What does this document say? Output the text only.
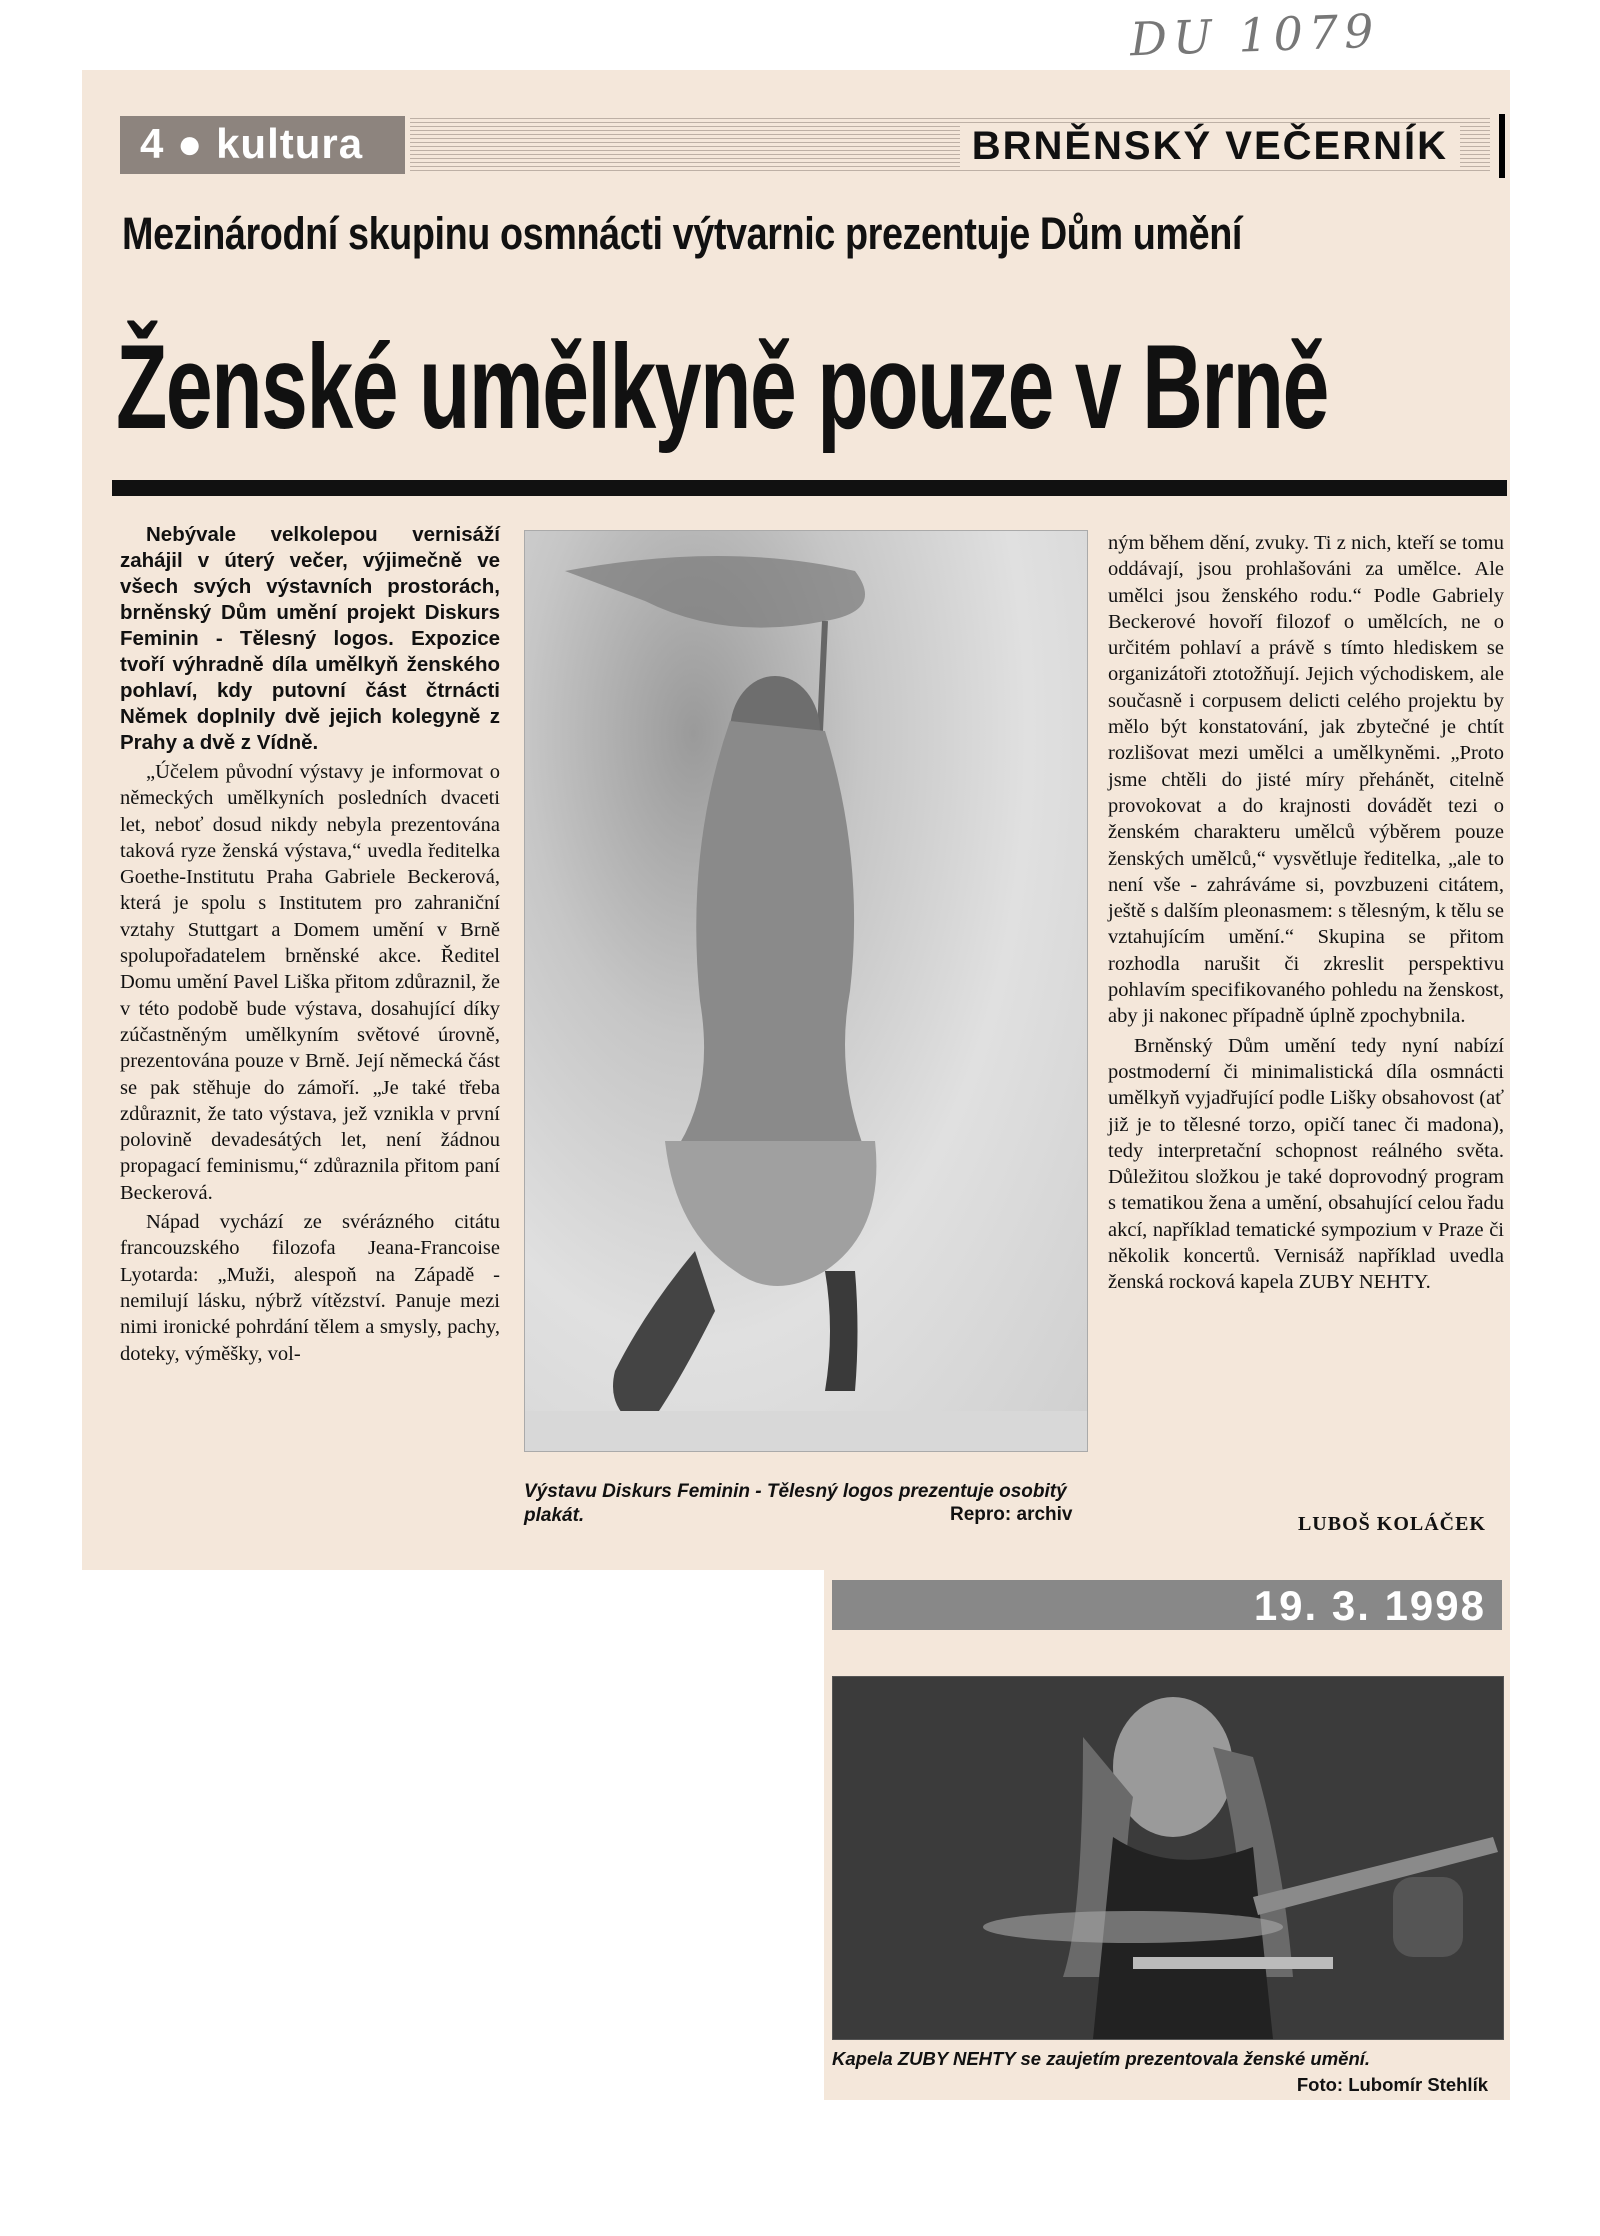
DU 1079
4 ● kultura	BRNĚNSKÝ VEČERNÍK
Mezinárodní skupinu osmnácti výtvarnic prezentuje Dům umění
Ženské umělkyně pouze v Brně

Nebývale velkolepou vernisáží zahájil v úterý večer, výjimečně ve všech svých výstavních prostorách, brněnský Dům umění projekt Diskurs Feminin - Tělesný logos. Expozice tvoří výhradně díla umělkyň ženského pohlaví, kdy putovní část čtrnácti Němek doplnily dvě jejich kolegyně z Prahy a dvě z Vídně.

„Účelem původní výstavy je informovat o německých umělkyních posledních dvaceti let, neboť dosud nikdy nebyla prezentována taková ryze ženská výstava,“ uvedla ředitelka Goethe-Institutu Praha Gabriele Beckerová, která je spolu s Institutem pro zahraniční vztahy Stuttgart a Domem umění v Brně spolupořadatelem brněnské akce. Ředitel Domu umění Pavel Liška přitom zdůraznil, že v této podobě bude výstava, dosahující díky zúčastněným umělkyním světové úrovně, prezentována pouze v Brně. Její německá část se pak stěhuje do zámoří. „Je také třeba zdůraznit, že tato výstava, jež vznikla v první polovině devadesátých let, není žádnou propagací feminismu,“ zdůraznila přitom paní Beckerová.

Nápad vychází ze svérázného citátu francouzského filozofa Jeana-Francoise Lyotarda: „Muži, alespoň na Západě - nemilují lásku, nýbrž vítězství. Panuje mezi nimi ironické pohrdání tělem a smysly, pachy, doteky, výměšky, vol-

Výstavu Diskurs Feminin - Tělesný logos prezentuje osobitý plakát.	Repro: archiv

ným během dění, zvuky. Ti z nich, kteří se tomu oddávají, jsou prohlašováni za umělce. Ale umělci jsou ženského rodu.“ Podle Gabriely Beckerové hovoří filozof o umělcích, ne o určitém pohlaví a právě s tímto hlediskem se organizátoři ztotožňují. Jejich východiskem, ale současně i corpusem delicti celého projektu by mělo být konstatování, jak zbytečné je chtít rozlišovat mezi umělci a umělkyněmi. „Proto jsme chtěli do jisté míry přehánět, citelně provokovat a do krajnosti dovádět tezi o ženském charakteru umělců výběrem pouze ženských umělců,“ vysvětluje ředitelka, „ale to není vše - zahráváme si, povzbuzeni citátem, ještě s dalším pleonasmem: s tělesným, k tělu se vztahujícím umění.“ Skupina se přitom rozhodla narušit či zkreslit perspektivu pohlavím specifikovaného pohledu na ženskost, aby ji nakonec případně úplně zpochybnila.

Brněnský Dům umění tedy nyní nabízí postmoderní či minimalistická díla osmnácti umělkyň vyjadřující podle Lišky obsahovost (ať již je to tělesné torzo, opičí tanec či madona), tedy interpretační schopnost reálného světa. Důležitou složkou je také doprovodný program s tematikou žena a umění, obsahující celou řadu akcí, například tematické sympozium v Praze či několik koncertů. Vernisáž například uvedla ženská rocková kapela ZUBY NEHTY.

LUBOŠ KOLÁČEK
19. 3. 1998
Kapela ZUBY NEHTY se zaujetím prezentovala ženské umění.
Foto: Lubomír Stehlík
